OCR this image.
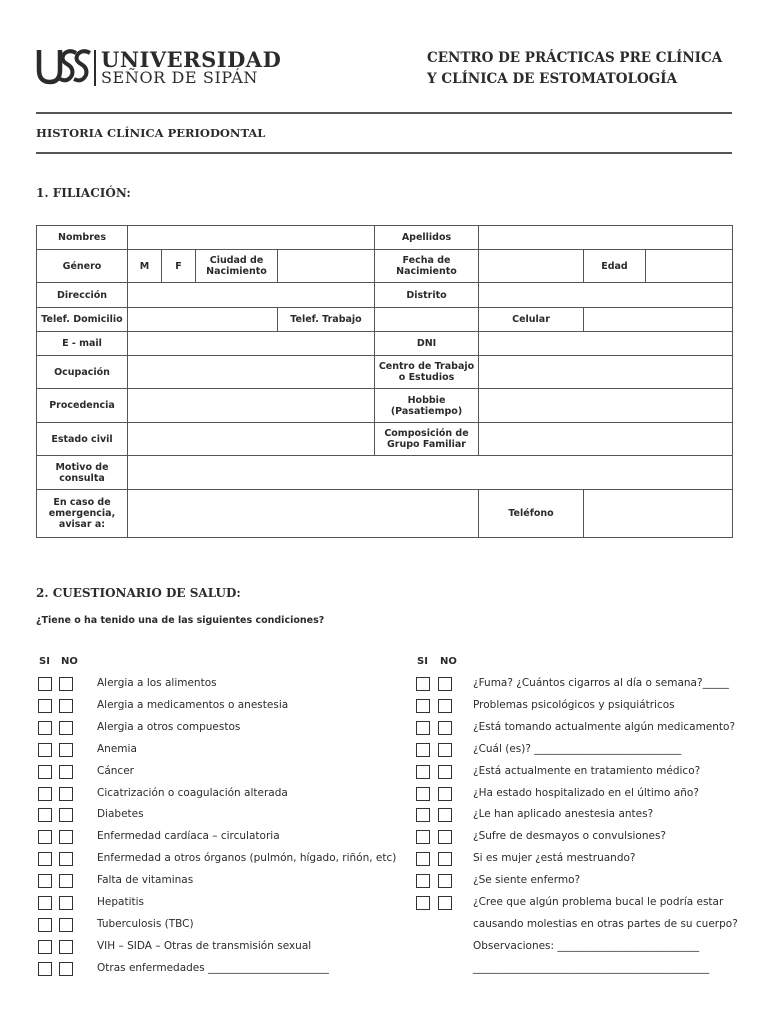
UNIVERSIDAD
SEÑOR DE SIPÁN
CENTRO DE PRÁCTICAS PRE CLÍNICA
Y CLÍNICA DE ESTOMATOLOGÍA
HISTORIA CLÍNICA PERIODONTAL
1. FILIACIÓN:
Nombres					Apellidos			
Género	M	F	Ciudad de Nacimiento		Fecha de Nacimiento		Edad	
Dirección					Distrito			
Telef. Domicilio				Telef. Trabajo		Celular		
E - mail					DNI			
Ocupación					Centro de Trabajo o Estudios			
Procedencia					Hobbie (Pasatiempo)			
Estado civil					Composición de Grupo Familiar			
Motivo de consulta								
En caso de emergencia, avisar a:						Teléfono		
2. CUESTIONARIO DE SALUD:
¿Tiene o ha tenido una de las siguientes condiciones?
SI NO	SI NO
Alergia a los alimentos
Alergia a medicamentos o anestesia
Alergia a otros compuestos
Anemia
Cáncer
Cicatrización o coagulación alterada
Diabetes
Enfermedad cardíaca – circulatoria
Enfermedad a otros órganos (pulmón, hígado, riñón, etc)
Falta de vitaminas
Hepatitis
Tuberculosis (TBC)
VIH – SIDA – Otras de transmisión sexual
Otras enfermedades _______________________
¿Fuma? ¿Cuántos cigarros al día o semana?_____
Problemas psicológicos y psiquiátricos
¿Está tomando actualmente algún medicamento?
¿Cuál (es)? ____________________________
¿Está actualmente en tratamiento médico?
¿Ha estado hospitalizado en el último año?
¿Le han aplicado anestesia antes?
¿Sufre de desmayos o convulsiones?
Si es mujer ¿está mestruando?
¿Se siente enfermo?
¿Cree que algún problema bucal le podría estar
causando molestias en otras partes de su cuerpo?
Observaciones: ___________________________
_____________________________________________
